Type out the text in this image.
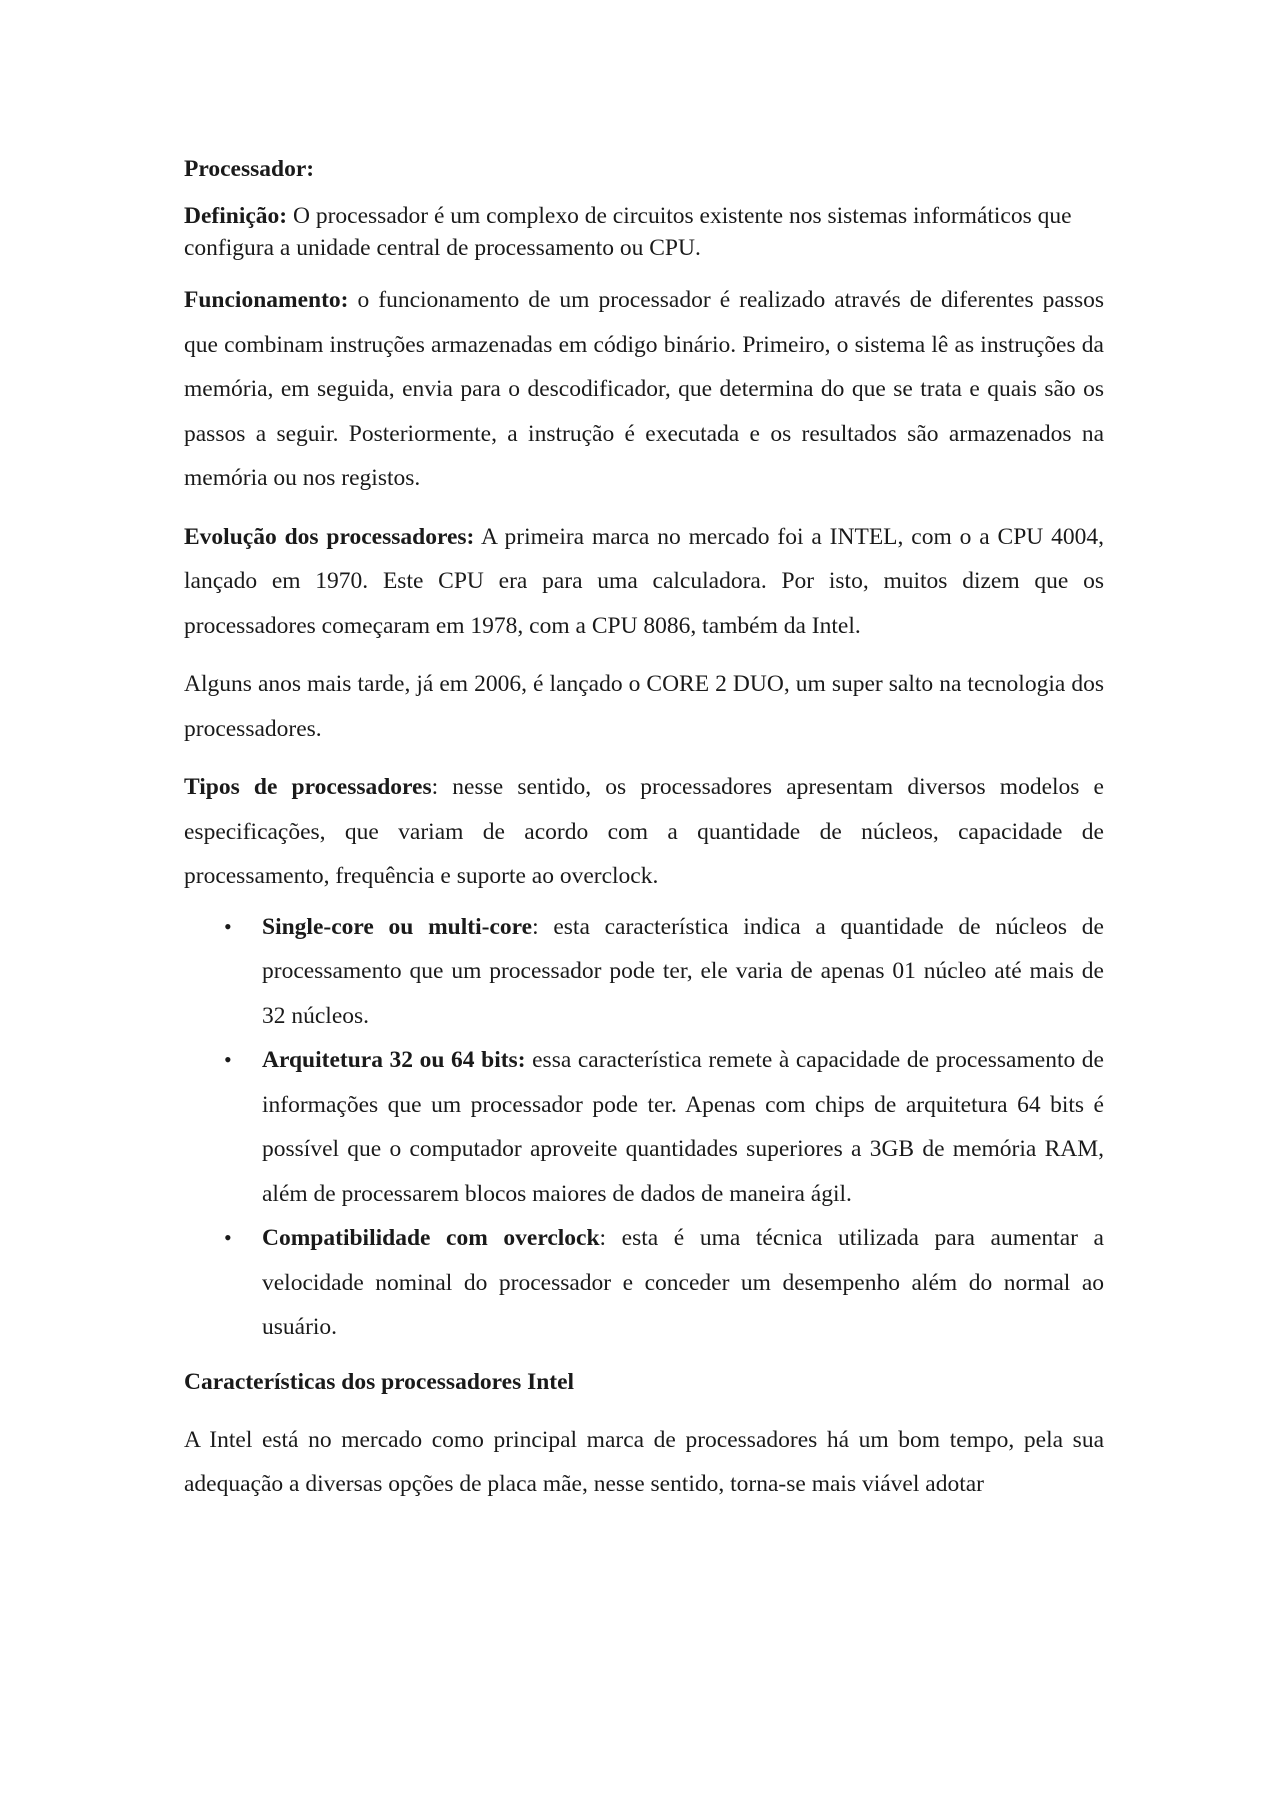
Processador:

Definição: O processador é um complexo de circuitos existente nos sistemas informáticos que configura a unidade central de processamento ou CPU.

Funcionamento: o funcionamento de um processador é realizado através de diferentes passos que combinam instruções armazenadas em código binário. Primeiro, o sistema lê as instruções da memória, em seguida, envia para o descodificador, que determina do que se trata e quais são os passos a seguir. Posteriormente, a instrução é executada e os resultados são armazenados na memória ou nos registos.

Evolução dos processadores: A primeira marca no mercado foi a INTEL, com o a CPU 4004, lançado em 1970. Este CPU era para uma calculadora. Por isto, muitos dizem que os processadores começaram em 1978, com a CPU 8086, também da Intel.

Alguns anos mais tarde, já em 2006, é lançado o CORE 2 DUO, um super salto na tecnologia dos processadores.

Tipos de processadores: nesse sentido, os processadores apresentam diversos modelos e especificações, que variam de acordo com a quantidade de núcleos, capacidade de processamento, frequência e suporte ao overclock.

• Single-core ou multi-core: esta característica indica a quantidade de núcleos de processamento que um processador pode ter, ele varia de apenas 01 núcleo até mais de 32 núcleos.
• Arquitetura 32 ou 64 bits: essa característica remete à capacidade de processamento de informações que um processador pode ter. Apenas com chips de arquitetura 64 bits é possível que o computador aproveite quantidades superiores a 3GB de memória RAM, além de processarem blocos maiores de dados de maneira ágil.
• Compatibilidade com overclock: esta é uma técnica utilizada para aumentar a velocidade nominal do processador e conceder um desempenho além do normal ao usuário.

Características dos processadores Intel

A Intel está no mercado como principal marca de processadores há um bom tempo, pela sua adequação a diversas opções de placa mãe, nesse sentido, torna-se mais viável adotar
